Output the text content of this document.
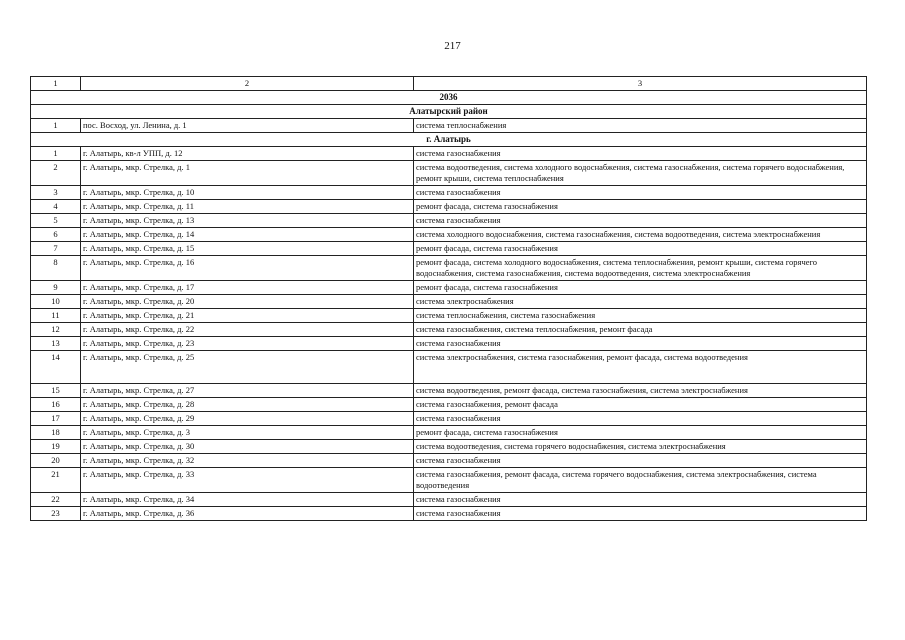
217
1	2	3
2036		
Алатырский район		
1	пос. Восход, ул. Ленина, д. 1	система теплоснабжения
г. Алатырь		
1	г. Алатырь, кв-л УПП, д. 12	система газоснабжения
2	г. Алатырь, мкр. Стрелка, д. 1	система водоотведения, система холодного водоснабжения, система газоснабжения, система горячего водоснабжения, ремонт крыши, система теплоснабжения
3	г. Алатырь, мкр. Стрелка, д. 10	система газоснабжения
4	г. Алатырь, мкр. Стрелка, д. 11	ремонт фасада, система газоснабжения
5	г. Алатырь, мкр. Стрелка, д. 13	система газоснабжения
6	г. Алатырь, мкр. Стрелка, д. 14	система холодного водоснабжения, система газоснабжения, система водоотведения, система электроснабжения
7	г. Алатырь, мкр. Стрелка, д. 15	ремонт фасада, система газоснабжения
8	г. Алатырь, мкр. Стрелка, д. 16	ремонт фасада, система холодного водоснабжения, система теплоснабжения, ремонт крыши, система горячего водоснабжения, система газоснабжения, система водоотведения, система электроснабжения
9	г. Алатырь, мкр. Стрелка, д. 17	ремонт фасада, система газоснабжения
10	г. Алатырь, мкр. Стрелка, д. 20	система электроснабжения
11	г. Алатырь, мкр. Стрелка, д. 21	система теплоснабжения, система газоснабжения
12	г. Алатырь, мкр. Стрелка, д. 22	система газоснабжения, система теплоснабжения, ремонт фасада
13	г. Алатырь, мкр. Стрелка, д. 23	система газоснабжения
14	г. Алатырь, мкр. Стрелка, д. 25	система электроснабжения, система газоснабжения, ремонт фасада, система водоотведения
15	г. Алатырь, мкр. Стрелка, д. 27	система водоотведения, ремонт фасада, система газоснабжения, система электроснабжения
16	г. Алатырь, мкр. Стрелка, д. 28	система газоснабжения, ремонт фасада
17	г. Алатырь, мкр. Стрелка, д. 29	система газоснабжения
18	г. Алатырь, мкр. Стрелка, д. 3	ремонт фасада, система газоснабжения
19	г. Алатырь, мкр. Стрелка, д. 30	система водоотведения, система горячего водоснабжения, система электроснабжения
20	г. Алатырь, мкр. Стрелка, д. 32	система газоснабжения
21	г. Алатырь, мкр. Стрелка, д. 33	система газоснабжения, ремонт фасада, система горячего водоснабжения, система электроснабжения, система водоотведения
22	г. Алатырь, мкр. Стрелка, д. 34	система газоснабжения
23	г. Алатырь, мкр. Стрелка, д. 36	система газоснабжения
